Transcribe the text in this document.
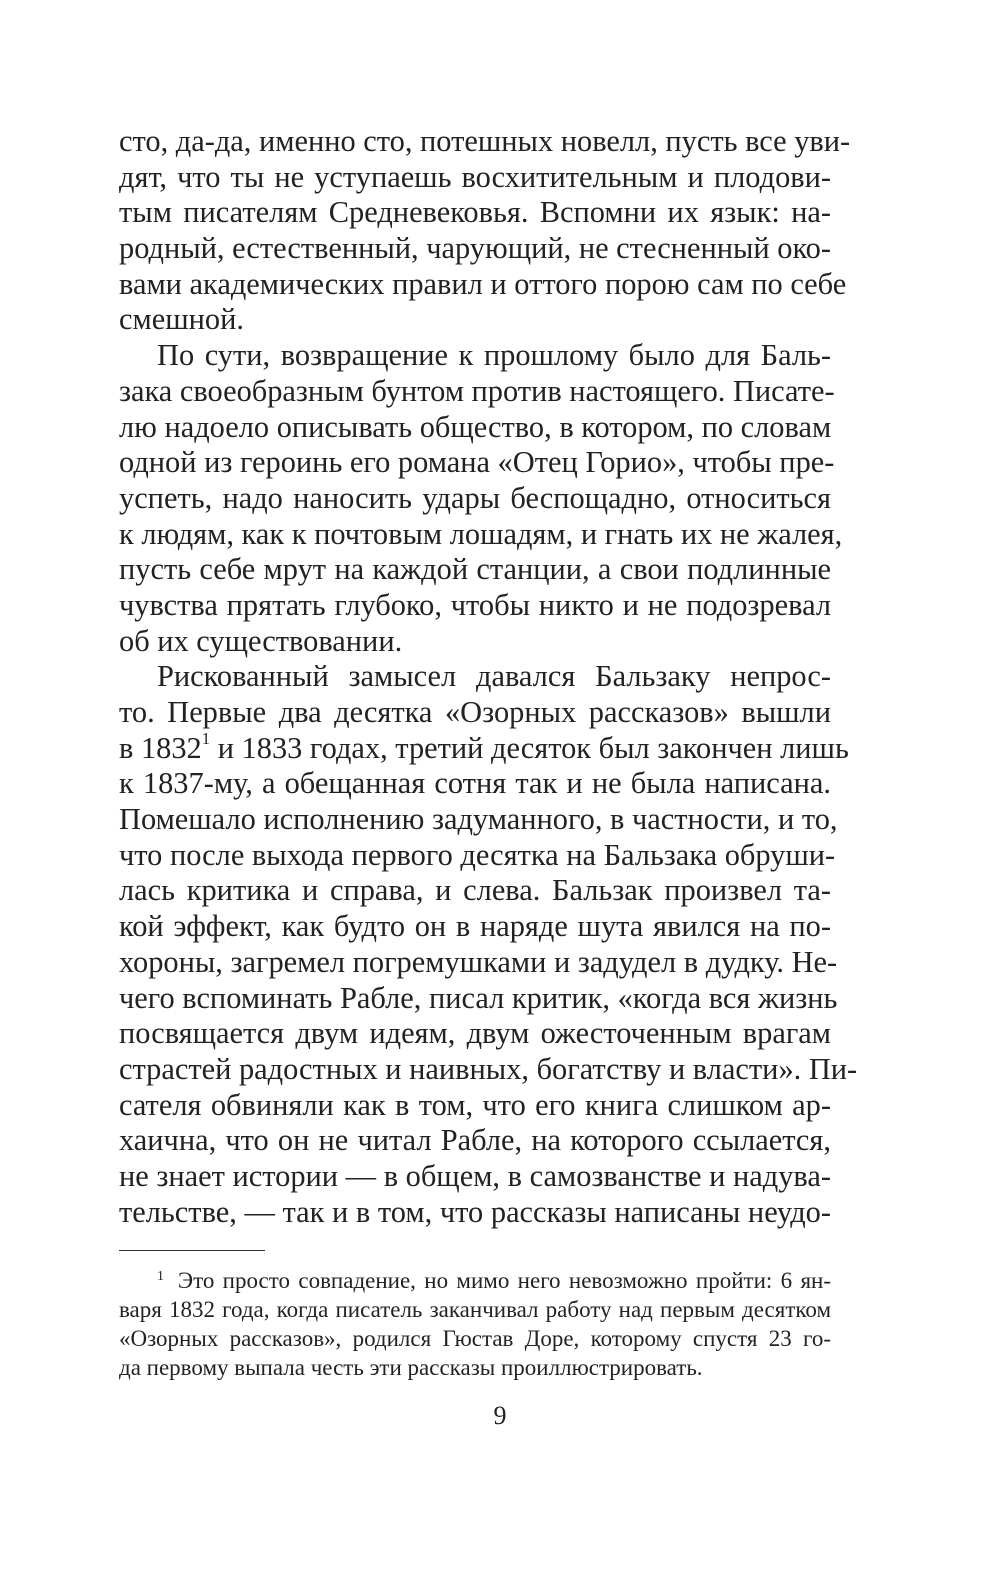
сто, да-да, именно сто, потешных новелл, пусть все уви-
дят, что ты не уступаешь восхитительным и плодови-
тым писателям Средневековья. Вспомни их язык: на-
родный, естественный, чарующий, не стесненный око-
вами академических правил и оттого порою сам по себе
смешной.
По сути, возвращение к прошлому было для Баль-
зака своеобразным бунтом против настоящего. Писате-
лю надоело описывать общество, в котором, по словам
одной из героинь его романа «Отец Горио», чтобы пре-
успеть, надо наносить удары беспощадно, относиться
к людям, как к почтовым лошадям, и гнать их не жалея,
пусть себе мрут на каждой станции, а свои подлинные
чувства прятать глубоко, чтобы никто и не подозревал
об их существовании.
Рискованный замысел давался Бальзаку непрос-
то. Первые два десятка «Озорных рассказов» вышли
в 1832$^1$ и 1833 годах, третий десяток был закончен лишь
к 1837-му, а обещанная сотня так и не была написана.
Помешало исполнению задуманного, в частности, и то,
что после выхода первого десятка на Бальзака обруши-
лась критика и справа, и слева. Бальзак произвел та-
кой эффект, как будто он в наряде шута явился на по-
хороны, загремел погремушками и задудел в дудку. Не-
чего вспоминать Рабле, писал критик, «когда вся жизнь
посвящается двум идеям, двум ожесточенным врагам
страстей радостных и наивных, богатству и власти». Пи-
сателя обвиняли как в том, что его книга слишком ар-
хаична, что он не читал Рабле, на которого ссылается,
не знает истории — в общем, в самозванстве и надува-
тельстве, — так и в том, что рассказы написаны неудо-
$^1$ Это просто совпадение, но мимо него невозможно пройти: 6 ян-
варя 1832 года, когда писатель заканчивал работу над первым десятком
«Озорных рассказов», родился Гюстав Доре, которому спустя 23 го-
да первому выпала честь эти рассказы проиллюстрировать.
9
